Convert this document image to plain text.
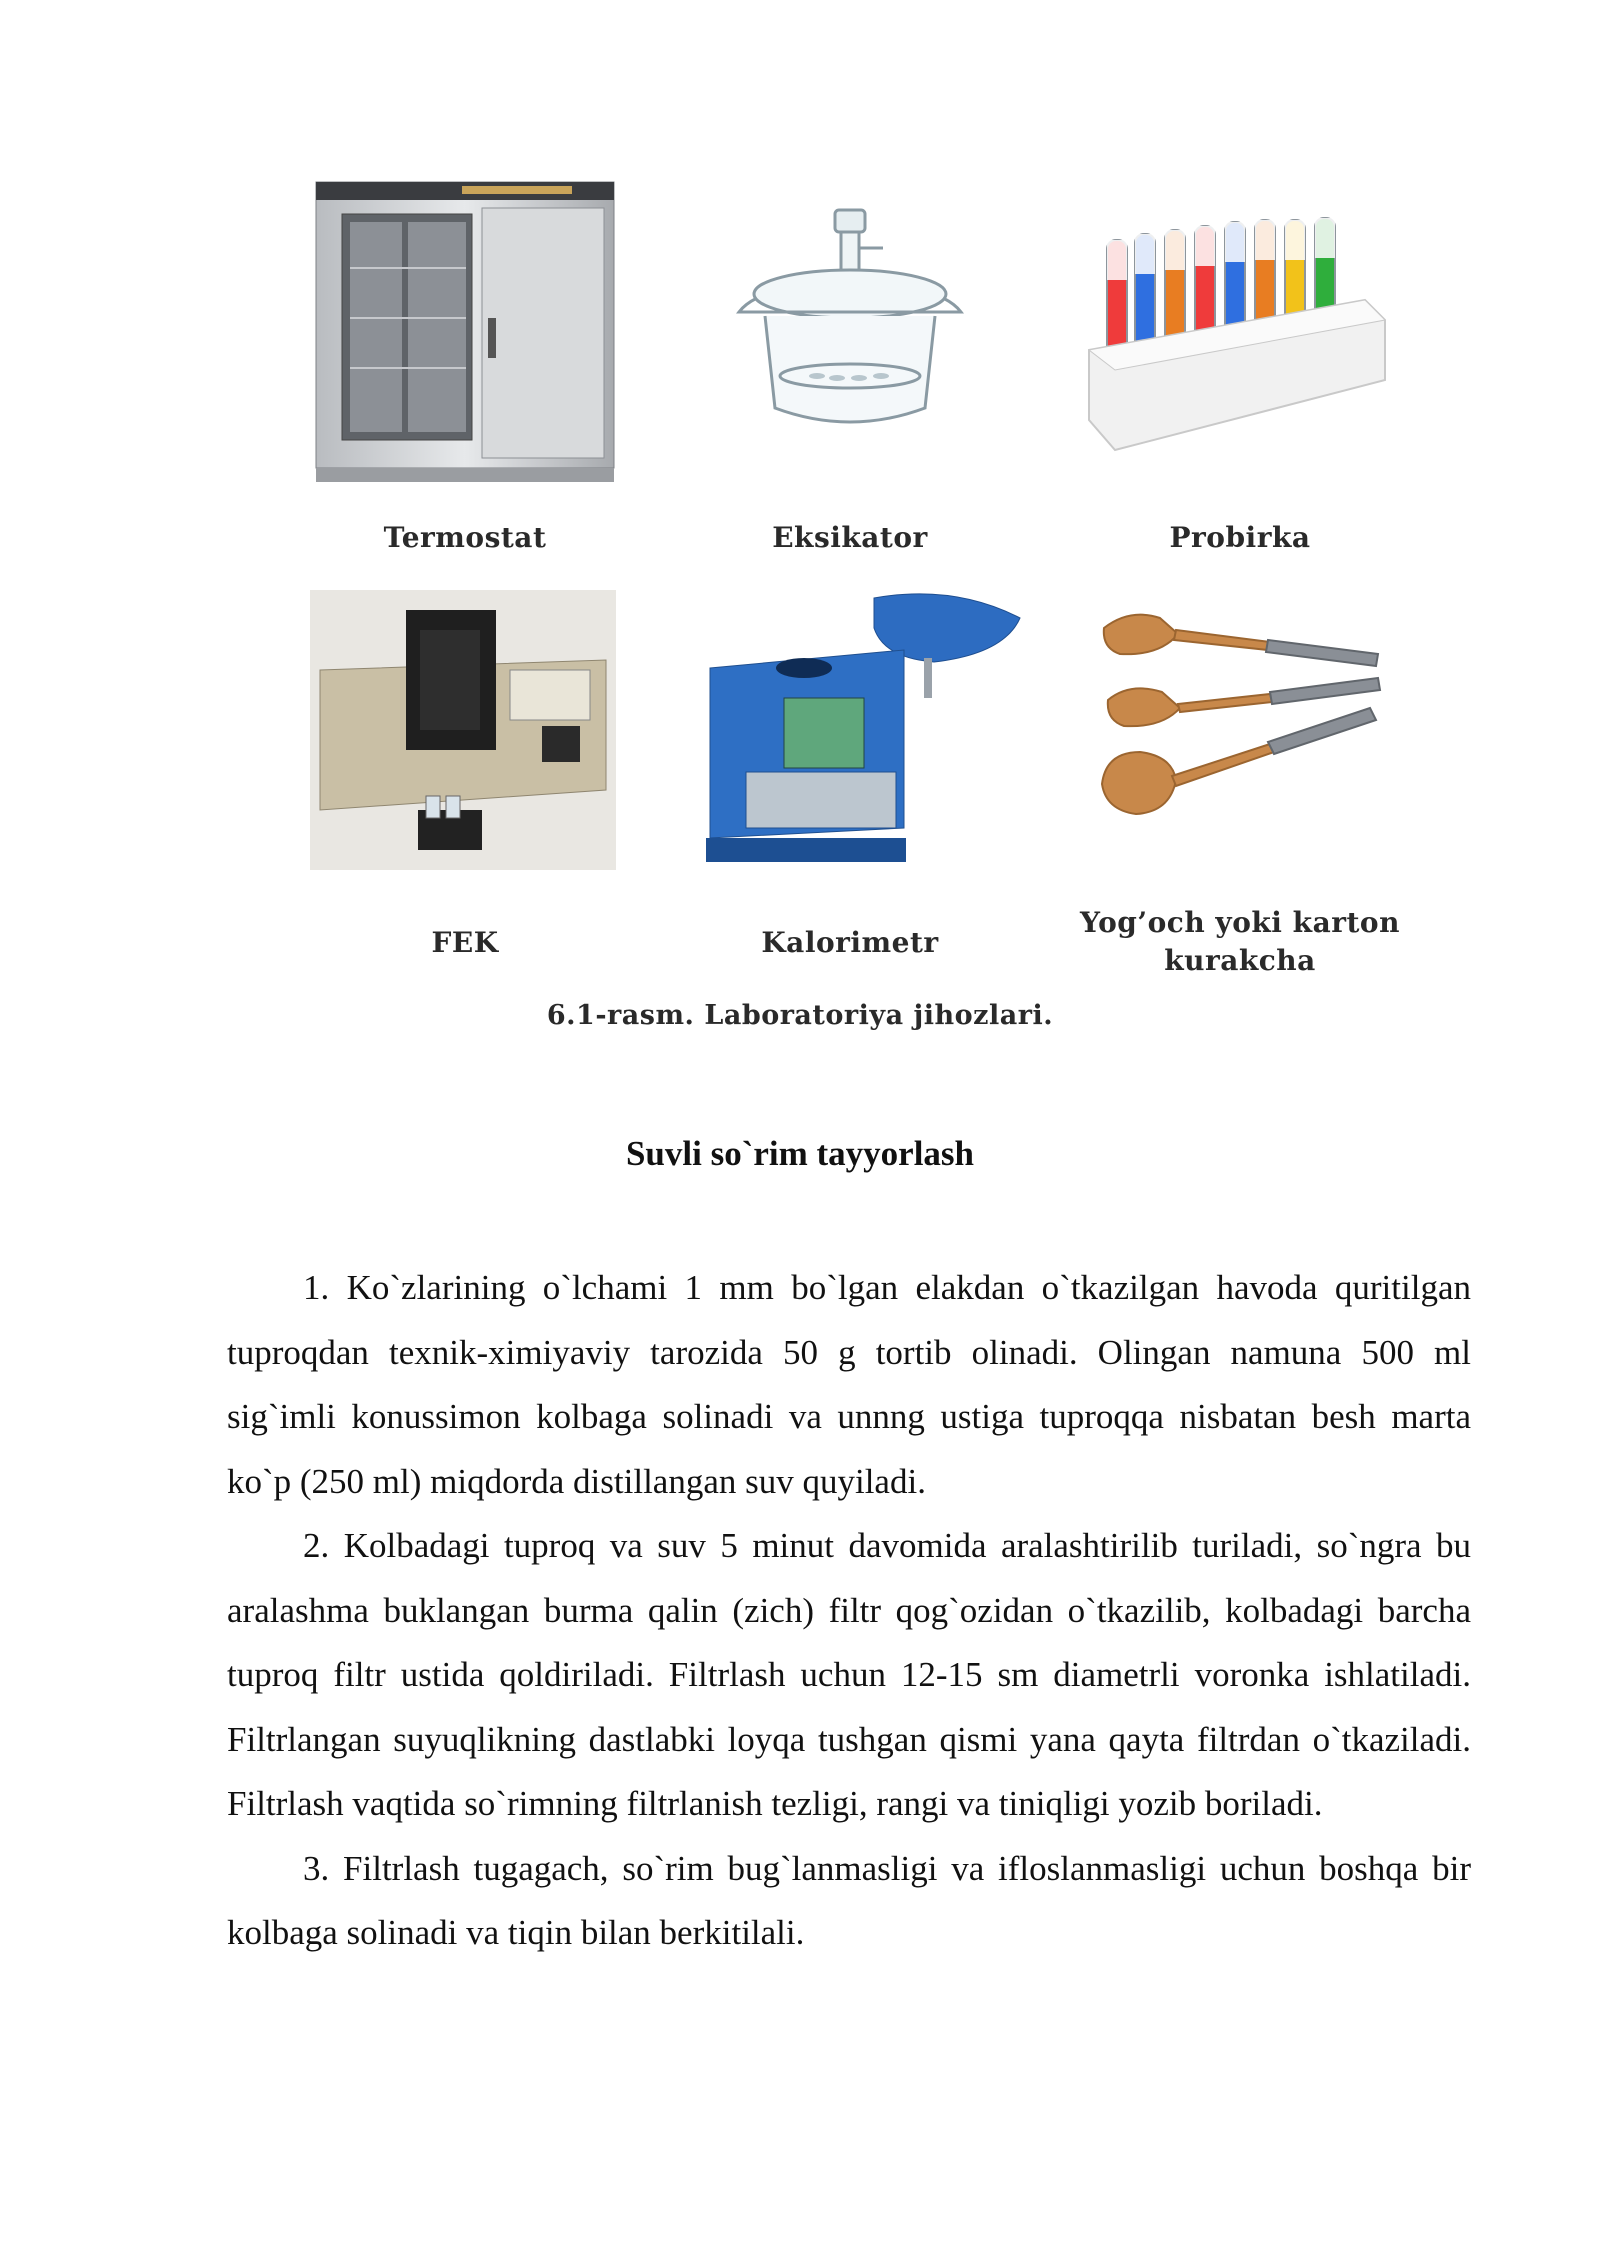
Termostat	Eksikator	Probirka
FEK	Kalorimetr
Yog’och yoki karton kurakcha
6.1-rasm. Laboratoriya jihozlari.
Suvli so`rim tayyorlash

1. Ko`zlarining o`lchami 1 mm bo`lgan elakdan o`tkazilgan havoda quritilgan tuproqdan texnik-ximiyaviy tarozida 50 g tortib olinadi. Olingan namuna 500 ml sig`imli konussimon kolbaga solinadi va unnng ustiga tuproqqa nisbatan besh marta ko`p (250 ml) miqdorda distillangan suv quyiladi.

2. Kolbadagi tuproq va suv 5 minut davomida aralashtirilib turiladi, so`ngra bu aralashma buklangan burma qalin (zich) filtr qog`ozidan o`tkazilib, kolbadagi barcha tuproq filtr ustida qoldiriladi. Filtrlash uchun 12-15 sm diametrli voronka ishlatiladi. Filtrlangan suyuqlikning dastlabki loyqa tushgan qismi yana qayta filtrdan o`tkaziladi. Filtrlash vaqtida so`rimning filtrlanish tezligi, rangi va tiniqligi yozib boriladi.

3. Filtrlash tugagach, so`rim bug`lanmasligi va ifloslanmasligi uchun boshqa bir kolbaga solinadi va tiqin bilan berkitilali.
